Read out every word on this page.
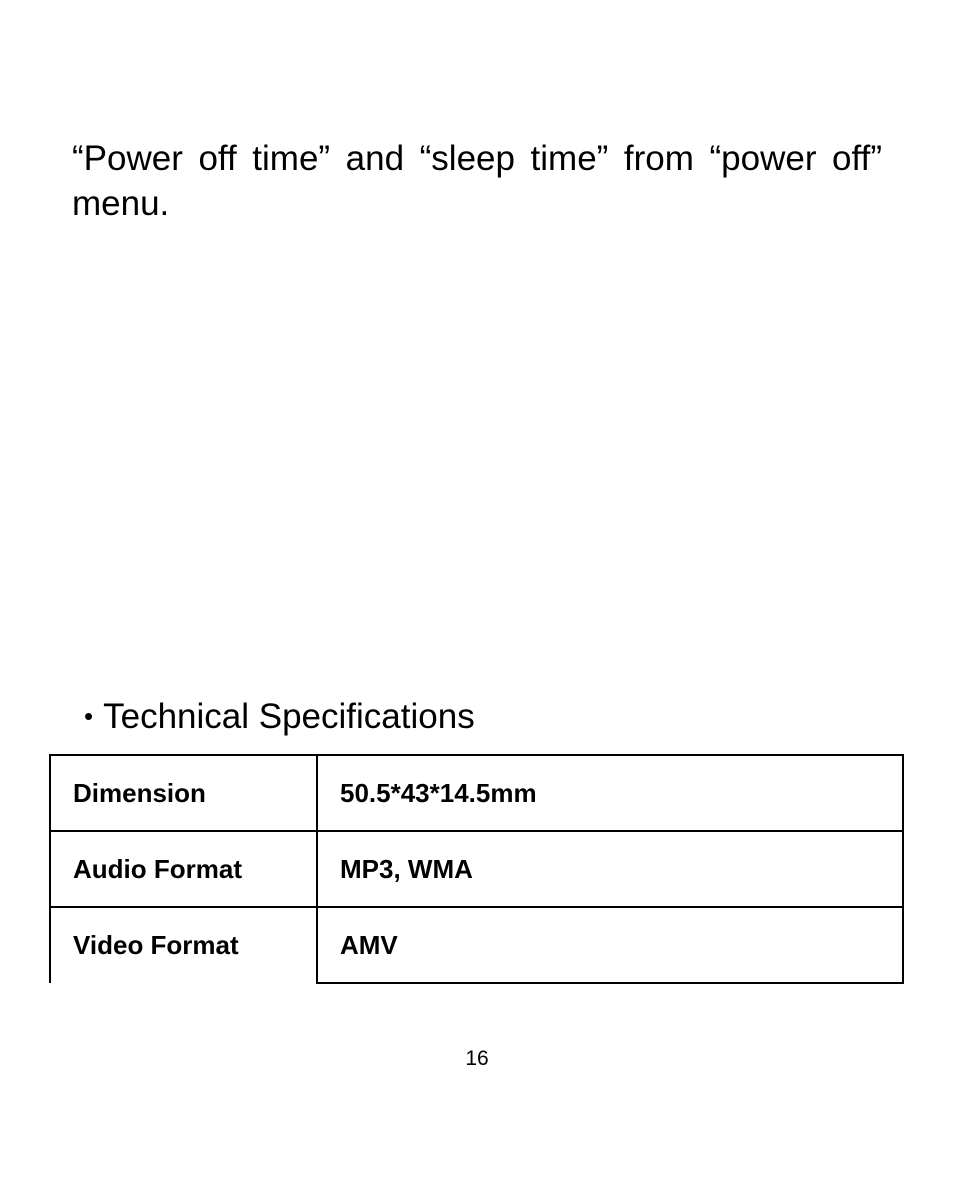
“Power off time” and “sleep time” from “power off” menu.

• Technical Specifications
Dimension	50.5*43*14.5mm
Audio Format	MP3, WMA
Video Format	AMV
16
